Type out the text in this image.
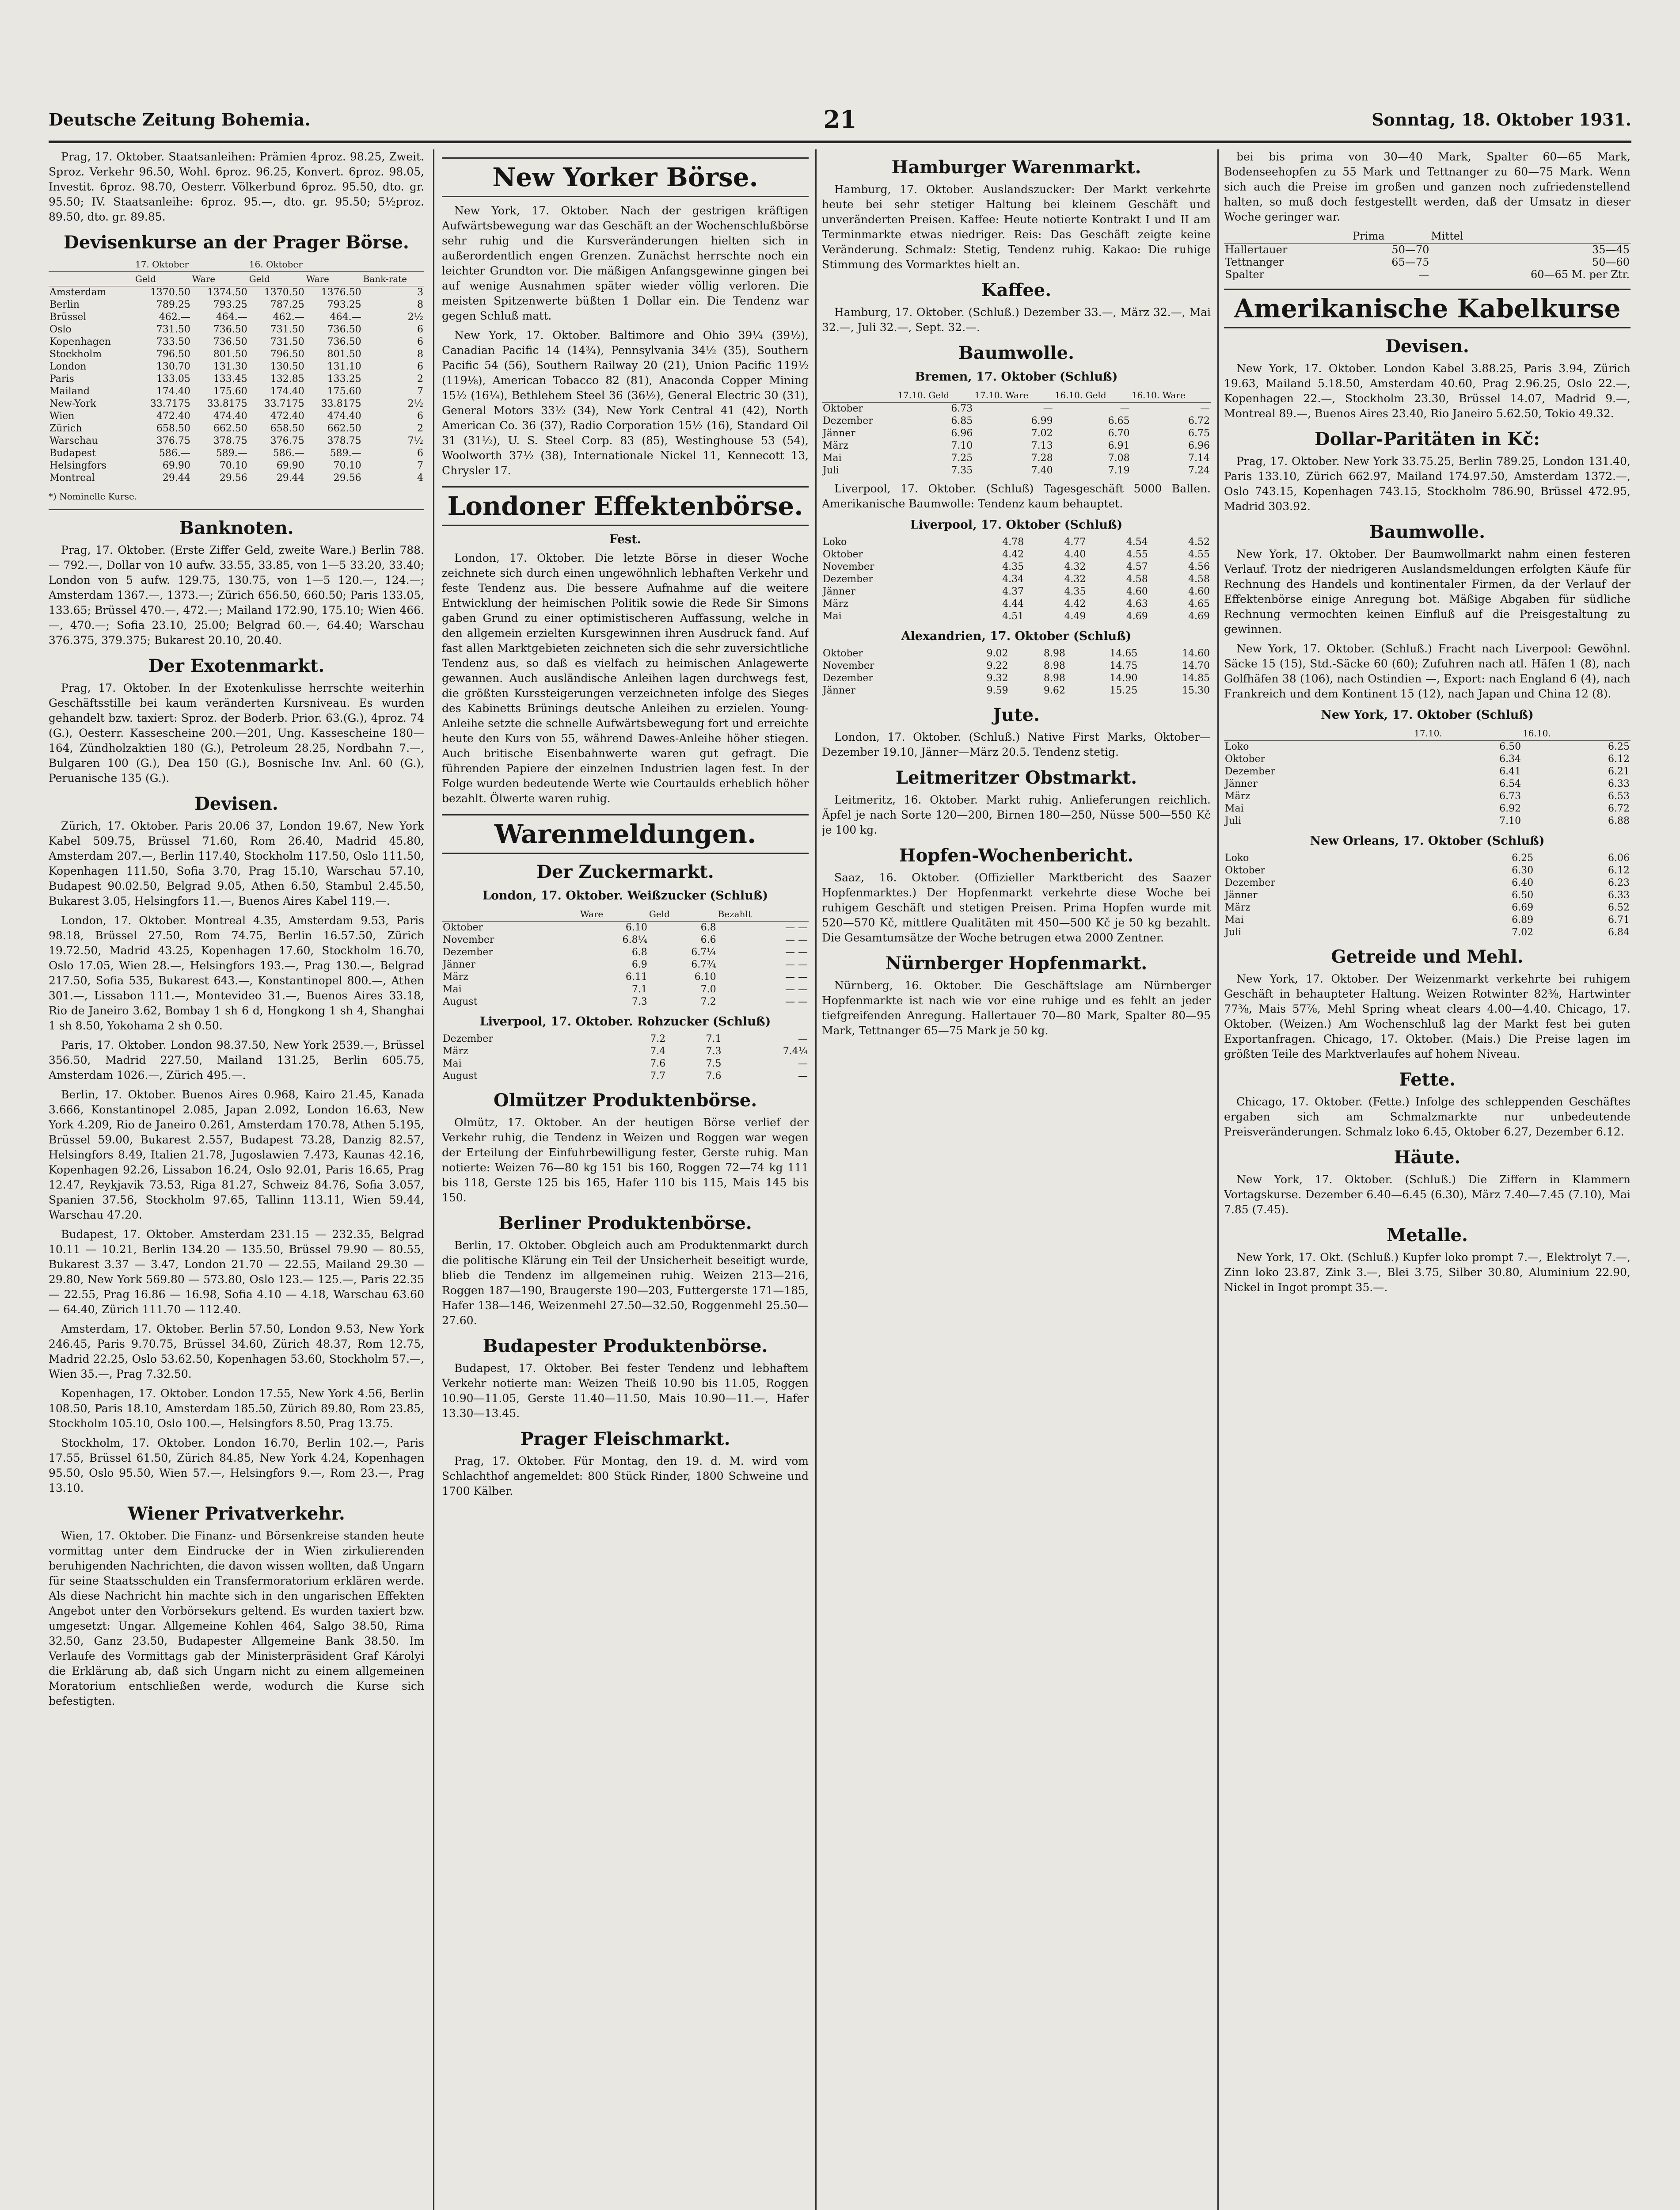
Deutsche Zeitung Bohemia.	21	Sonntag, 18. Oktober 1931.

Prag, 17. Oktober. Staatsanleihen: Prämien 4proz. 98.25, Zweit. Sproz. Verkehr 96.50, Wohl. 6proz. 96.25, Konvert. 6proz. 98.05, Investit. 6proz. 98.70, Oesterr. Völkerbund 6proz. 95.50, dto. gr. 95.50; IV. Staatsanleihe: 6proz. 95.—, dto. gr. 95.50; 5½proz. 89.50, dto. gr. 89.85.

Devisenkurse an der Prager Börse.
	17. Oktober		16. Oktober		
	Geld	Ware	Geld	Ware	Bank-rate
Amsterdam	1370.50	1374.50	1370.50	1376.50	3
Berlin	789.25	793.25	787.25	793.25	8
Brüssel	462.—	464.—	462.—	464.—	2½
Oslo	731.50	736.50	731.50	736.50	6
Kopenhagen	733.50	736.50	731.50	736.50	6
Stockholm	796.50	801.50	796.50	801.50	8
London	130.70	131.30	130.50	131.10	6
Paris	133.05	133.45	132.85	133.25	2
Mailand	174.40	175.60	174.40	175.60	7
New-York	33.7175	33.8175	33.7175	33.8175	2½
Wien	472.40	474.40	472.40	474.40	6
Zürich	658.50	662.50	658.50	662.50	2
Warschau	376.75	378.75	376.75	378.75	7½
Budapest	586.—	589.—	586.—	589.—	6
Helsingfors	69.90	70.10	69.90	70.10	7
Montreal	29.44	29.56	29.44	29.56	4
*) Nominelle Kurse.
Banknoten.

Prag, 17. Oktober. (Erste Ziffer Geld, zweite Ware.) Berlin 788.— 792.—, Dollar von 10 aufw. 33.55, 33.85, von 1—5 33.20, 33.40; London von 5 aufw. 129.75, 130.75, von 1—5 120.—, 124.—; Amsterdam 1367.—, 1373.—; Zürich 656.50, 660.50; Paris 133.05, 133.65; Brüssel 470.—, 472.—; Mailand 172.90, 175.10; Wien 466.—, 470.—; Sofia 23.10, 25.00; Belgrad 60.—, 64.40; Warschau 376.375, 379.375; Bukarest 20.10, 20.40.

Der Exotenmarkt.

Prag, 17. Oktober. In der Exotenkulisse herrschte weiterhin Geschäftsstille bei kaum veränderten Kursniveau. Es wurden gehandelt bzw. taxiert: Sproz. der Boderb. Prior. 63.(G.), 4proz. 74 (G.), Oesterr. Kassescheine 200.—201, Ung. Kassescheine 180—164, Zündholzaktien 180 (G.), Petroleum 28.25, Nordbahn 7.—, Bulgaren 100 (G.), Dea 150 (G.), Bosnische Inv. Anl. 60 (G.), Peruanische 135 (G.).

Devisen.

Zürich, 17. Oktober. Paris 20.06 37, London 19.67, New York Kabel 509.75, Brüssel 71.60, Rom 26.40, Madrid 45.80, Amsterdam 207.—, Berlin 117.40, Stockholm 117.50, Oslo 111.50, Kopenhagen 111.50, Sofia 3.70, Prag 15.10, Warschau 57.10, Budapest 90.02.50, Belgrad 9.05, Athen 6.50, Stambul 2.45.50, Bukarest 3.05, Helsingfors 11.—, Buenos Aires Kabel 119.—.

London, 17. Oktober. Montreal 4.35, Amsterdam 9.53, Paris 98.18, Brüssel 27.50, Rom 74.75, Berlin 16.57.50, Zürich 19.72.50, Madrid 43.25, Kopenhagen 17.60, Stockholm 16.70, Oslo 17.05, Wien 28.—, Helsingfors 193.—, Prag 130.—, Belgrad 217.50, Sofia 535, Bukarest 643.—, Konstantinopel 800.—, Athen 301.—, Lissabon 111.—, Montevideo 31.—, Buenos Aires 33.18, Rio de Janeiro 3.62, Bombay 1 sh 6 d, Hongkong 1 sh 4, Shanghai 1 sh 8.50, Yokohama 2 sh 0.50.

Paris, 17. Oktober. London 98.37.50, New York 2539.—, Brüssel 356.50, Madrid 227.50, Mailand 131.25, Berlin 605.75, Amsterdam 1026.—, Zürich 495.—.

Berlin, 17. Oktober. Buenos Aires 0.968, Kairo 21.45, Kanada 3.666, Konstantinopel 2.085, Japan 2.092, London 16.63, New York 4.209, Rio de Janeiro 0.261, Amsterdam 170.78, Athen 5.195, Brüssel 59.00, Bukarest 2.557, Budapest 73.28, Danzig 82.57, Helsingfors 8.49, Italien 21.78, Jugoslawien 7.473, Kaunas 42.16, Kopenhagen 92.26, Lissabon 16.24, Oslo 92.01, Paris 16.65, Prag 12.47, Reykjavik 73.53, Riga 81.27, Schweiz 84.76, Sofia 3.057, Spanien 37.56, Stockholm 97.65, Tallinn 113.11, Wien 59.44, Warschau 47.20.

Budapest, 17. Oktober. Amsterdam 231.15 — 232.35, Belgrad 10.11 — 10.21, Berlin 134.20 — 135.50, Brüssel 79.90 — 80.55, Bukarest 3.37 — 3.47, London 21.70 — 22.55, Mailand 29.30 — 29.80, New York 569.80 — 573.80, Oslo 123.— 125.—, Paris 22.35 — 22.55, Prag 16.86 — 16.98, Sofia 4.10 — 4.18, Warschau 63.60 — 64.40, Zürich 111.70 — 112.40.

Amsterdam, 17. Oktober. Berlin 57.50, London 9.53, New York 246.45, Paris 9.70.75, Brüssel 34.60, Zürich 48.37, Rom 12.75, Madrid 22.25, Oslo 53.62.50, Kopenhagen 53.60, Stockholm 57.—, Wien 35.—, Prag 7.32.50.

Kopenhagen, 17. Oktober. London 17.55, New York 4.56, Berlin 108.50, Paris 18.10, Amsterdam 185.50, Zürich 89.80, Rom 23.85, Stockholm 105.10, Oslo 100.—, Helsingfors 8.50, Prag 13.75.

Stockholm, 17. Oktober. London 16.70, Berlin 102.—, Paris 17.55, Brüssel 61.50, Zürich 84.85, New York 4.24, Kopenhagen 95.50, Oslo 95.50, Wien 57.—, Helsingfors 9.—, Rom 23.—, Prag 13.10.

Wiener Privatverkehr.

Wien, 17. Oktober. Die Finanz- und Börsenkreise standen heute vormittag unter dem Eindrucke der in Wien zirkulierenden beruhigenden Nachrichten, die davon wissen wollten, daß Ungarn für seine Staatsschulden ein Transfermoratorium erklären werde. Als diese Nachricht hin machte sich in den ungarischen Effekten Angebot unter den Vorbörsekurs geltend. Es wurden taxiert bzw. umgesetzt: Ungar. Allgemeine Kohlen 464, Salgo 38.50, Rima 32.50, Ganz 23.50, Budapester Allgemeine Bank 38.50. Im Verlaufe des Vormittags gab der Ministerpräsident Graf Károlyi die Erklärung ab, daß sich Ungarn nicht zu einem allgemeinen Moratorium entschließen werde, wodurch die Kurse sich befestigten.

New Yorker Börse.

New York, 17. Oktober. Nach der gestrigen kräftigen Aufwärtsbewegung war das Geschäft an der Wochenschlußbörse sehr ruhig und die Kursveränderungen hielten sich in außerordentlich engen Grenzen. Zunächst herrschte noch ein leichter Grundton vor. Die mäßigen Anfangsgewinne gingen bei auf wenige Ausnahmen später wieder völlig verloren. Die meisten Spitzenwerte büßten 1 Dollar ein. Die Tendenz war gegen Schluß matt.

New York, 17. Oktober. Baltimore and Ohio 39¼ (39½), Canadian Pacific 14 (14¾), Pennsylvania 34½ (35), Southern Pacific 54 (56), Southern Railway 20 (21), Union Pacific 119½ (119⅛), American Tobacco 82 (81), Anaconda Copper Mining 15½ (16¼), Bethlehem Steel 36 (36½), General Electric 30 (31), General Motors 33½ (34), New York Central 41 (42), North American Co. 36 (37), Radio Corporation 15½ (16), Standard Oil 31 (31½), U. S. Steel Corp. 83 (85), Westinghouse 53 (54), Woolworth 37½ (38), Internationale Nickel 11, Kennecott 13, Chrysler 17.

Londoner Effektenbörse.
Fest.

London, 17. Oktober. Die letzte Börse in dieser Woche zeichnete sich durch einen ungewöhnlich lebhaften Verkehr und feste Tendenz aus. Die bessere Aufnahme auf die weitere Entwicklung der heimischen Politik sowie die Rede Sir Simons gaben Grund zu einer optimistischeren Auffassung, welche in den allgemein erzielten Kursgewinnen ihren Ausdruck fand. Auf fast allen Marktgebieten zeichneten sich die sehr zuversichtliche Tendenz aus, so daß es vielfach zu heimischen Anlagewerte gewannen. Auch ausländische Anleihen lagen durchwegs fest, die größten Kurssteigerungen verzeichneten infolge des Sieges des Kabinetts Brünings deutsche Anleihen zu erzielen. Young-Anleihe setzte die schnelle Aufwärtsbewegung fort und erreichte heute den Kurs von 55, während Dawes-Anleihe höher stiegen. Auch britische Eisenbahnwerte waren gut gefragt. Die führenden Papiere der einzelnen Industrien lagen fest. In der Folge wurden bedeutende Werte wie Courtaulds erheblich höher bezahlt. Ölwerte waren ruhig.

Warenmeldungen.
Der Zuckermarkt.
London, 17. Oktober. Weißzucker (Schluß)
	Ware	Geld	Bezahlt
Oktober	6.10	6.8	— —
November	6.8¼	6.6	— —
Dezember	6.8	6.7¼	— —
Jänner	6.9	6.7¾	— —
März	6.11	6.10	— —
Mai	7.1	7.0	— —
August	7.3	7.2	— —
Liverpool, 17. Oktober. Rohzucker (Schluß)
Dezember	7.2	7.1	—
März	7.4	7.3	7.4¼
Mai	7.6	7.5	—
August	7.7	7.6	—
Olmützer Produktenbörse.

Olmütz, 17. Oktober. An der heutigen Börse verlief der Verkehr ruhig, die Tendenz in Weizen und Roggen war wegen der Erteilung der Einfuhrbewilligung fester, Gerste ruhig. Man notierte: Weizen 76—80 kg 151 bis 160, Roggen 72—74 kg 111 bis 118, Gerste 125 bis 165, Hafer 110 bis 115, Mais 145 bis 150.

Berliner Produktenbörse.

Berlin, 17. Oktober. Obgleich auch am Produktenmarkt durch die politische Klärung ein Teil der Unsicherheit beseitigt wurde, blieb die Tendenz im allgemeinen ruhig. Weizen 213—216, Roggen 187—190, Braugerste 190—203, Futtergerste 171—185, Hafer 138—146, Weizenmehl 27.50—32.50, Roggenmehl 25.50—27.60.

Budapester Produktenbörse.

Budapest, 17. Oktober. Bei fester Tendenz und lebhaftem Verkehr notierte man: Weizen Theiß 10.90 bis 11.05, Roggen 10.90—11.05, Gerste 11.40—11.50, Mais 10.90—11.—, Hafer 13.30—13.45.

Prager Fleischmarkt.

Prag, 17. Oktober. Für Montag, den 19. d. M. wird vom Schlachthof angemeldet: 800 Stück Rinder, 1800 Schweine und 1700 Kälber.

Hamburger Warenmarkt.

Hamburg, 17. Oktober. Auslandszucker: Der Markt verkehrte heute bei sehr stetiger Haltung bei kleinem Geschäft und unveränderten Preisen. Kaffee: Heute notierte Kontrakt I und II am Terminmarkte etwas niedriger. Reis: Das Geschäft zeigte keine Veränderung. Schmalz: Stetig, Tendenz ruhig. Kakao: Die ruhige Stimmung des Vormarktes hielt an.

Kaffee.

Hamburg, 17. Oktober. (Schluß.) Dezember 33.—, März 32.—, Mai 32.—, Juli 32.—, Sept. 32.—.

Baumwolle.
Bremen, 17. Oktober (Schluß)
	17.10. Geld	17.10. Ware	16.10. Geld	16.10. Ware
Oktober	6.73	—	—	—
Dezember	6.85	6.99	6.65	6.72
Jänner	6.96	7.02	6.70	6.75
März	7.10	7.13	6.91	6.96
Mai	7.25	7.28	7.08	7.14
Juli	7.35	7.40	7.19	7.24

Liverpool, 17. Oktober. (Schluß) Tagesgeschäft 5000 Ballen. Amerikanische Baumwolle: Tendenz kaum behauptet.

Liverpool, 17. Oktober (Schluß)
Loko	4.78	4.77	4.54	4.52
Oktober	4.42	4.40	4.55	4.55
November	4.35	4.32	4.57	4.56
Dezember	4.34	4.32	4.58	4.58
Jänner	4.37	4.35	4.60	4.60
März	4.44	4.42	4.63	4.65
Mai	4.51	4.49	4.69	4.69
Alexandrien, 17. Oktober (Schluß)
Oktober	9.02	8.98	14.65	14.60
November	9.22	8.98	14.75	14.70
Dezember	9.32	8.98	14.90	14.85
Jänner	9.59	9.62	15.25	15.30
Jute.

London, 17. Oktober. (Schluß.) Native First Marks, Oktober—Dezember 19.10, Jänner—März 20.5. Tendenz stetig.

Leitmeritzer Obstmarkt.

Leitmeritz, 16. Oktober. Markt ruhig. Anlieferungen reichlich. Äpfel je nach Sorte 120—200, Birnen 180—250, Nüsse 500—550 Kč je 100 kg.

Hopfen-Wochenbericht.

Saaz, 16. Oktober. (Offizieller Marktbericht des Saazer Hopfenmarktes.) Der Hopfenmarkt verkehrte diese Woche bei ruhigem Geschäft und stetigen Preisen. Prima Hopfen wurde mit 520—570 Kč, mittlere Qualitäten mit 450—500 Kč je 50 kg bezahlt. Die Gesamtumsätze der Woche betrugen etwa 2000 Zentner.

Nürnberger Hopfenmarkt.

Nürnberg, 16. Oktober. Die Geschäftslage am Nürnberger Hopfenmarkte ist nach wie vor eine ruhige und es fehlt an jeder tiefgreifenden Anregung. Hallertauer 70—80 Mark, Spalter 80—95 Mark, Tettnanger 65—75 Mark je 50 kg.

bei bis prima von 30—40 Mark, Spalter 60—65 Mark, Bodenseehopfen zu 55 Mark und Tettnanger zu 60—75 Mark. Wenn sich auch die Preise im großen und ganzen noch zufriedenstellend halten, so muß doch festgestellt werden, daß der Umsatz in dieser Woche geringer war.

	Prima	Mittel
Hallertauer	50—70	35—45
Tettnanger	65—75	50—60
Spalter	—	60—65 M. per Ztr.
Amerikanische Kabelkurse
Devisen.

New York, 17. Oktober. London Kabel 3.88.25, Paris 3.94, Zürich 19.63, Mailand 5.18.50, Amsterdam 40.60, Prag 2.96.25, Oslo 22.—, Kopenhagen 22.—, Stockholm 23.30, Brüssel 14.07, Madrid 9.—, Montreal 89.—, Buenos Aires 23.40, Rio Janeiro 5.62.50, Tokio 49.32.

Dollar-Paritäten in Kč:

Prag, 17. Oktober. New York 33.75.25, Berlin 789.25, London 131.40, Paris 133.10, Zürich 662.97, Mailand 174.97.50, Amsterdam 1372.—, Oslo 743.15, Kopenhagen 743.15, Stockholm 786.90, Brüssel 472.95, Madrid 303.92.

Baumwolle.

New York, 17. Oktober. Der Baumwollmarkt nahm einen festeren Verlauf. Trotz der niedrigeren Auslandsmeldungen erfolgten Käufe für Rechnung des Handels und kontinentaler Firmen, da der Verlauf der Effektenbörse einige Anregung bot. Mäßige Abgaben für südliche Rechnung vermochten keinen Einfluß auf die Preisgestaltung zu gewinnen.

New York, 17. Oktober. (Schluß.) Fracht nach Liverpool: Gewöhnl. Säcke 15 (15), Std.-Säcke 60 (60); Zufuhren nach atl. Häfen 1 (8), nach Golfhäfen 38 (106), nach Ostindien —, Export: nach England 6 (4), nach Frankreich und dem Kontinent 15 (12), nach Japan und China 12 (8).

New York, 17. Oktober (Schluß)
	17.10.	16.10.
Loko	6.50	6.25
Oktober	6.34	6.12
Dezember	6.41	6.21
Jänner	6.54	6.33
März	6.73	6.53
Mai	6.92	6.72
Juli	7.10	6.88
New Orleans, 17. Oktober (Schluß)
Loko	6.25	6.06
Oktober	6.30	6.12
Dezember	6.40	6.23
Jänner	6.50	6.33
März	6.69	6.52
Mai	6.89	6.71
Juli	7.02	6.84
Getreide und Mehl.

New York, 17. Oktober. Der Weizenmarkt verkehrte bei ruhigem Geschäft in behaupteter Haltung. Weizen Rotwinter 82⅜, Hartwinter 77⅜, Mais 57⅞, Mehl Spring wheat clears 4.00—4.40. Chicago, 17. Oktober. (Weizen.) Am Wochenschluß lag der Markt fest bei guten Exportanfragen. Chicago, 17. Oktober. (Mais.) Die Preise lagen im größten Teile des Marktverlaufes auf hohem Niveau.

Fette.

Chicago, 17. Oktober. (Fette.) Infolge des schleppenden Geschäftes ergaben sich am Schmalzmarkte nur unbedeutende Preisveränderungen. Schmalz loko 6.45, Oktober 6.27, Dezember 6.12.

Häute.

New York, 17. Oktober. (Schluß.) Die Ziffern in Klammern Vortagskurse. Dezember 6.40—6.45 (6.30), März 7.40—7.45 (7.10), Mai 7.85 (7.45).

Metalle.

New York, 17. Okt. (Schluß.) Kupfer loko prompt 7.—, Elektrolyt 7.—, Zinn loko 23.87, Zink 3.—, Blei 3.75, Silber 30.80, Aluminium 22.90, Nickel in Ingot prompt 35.—.
